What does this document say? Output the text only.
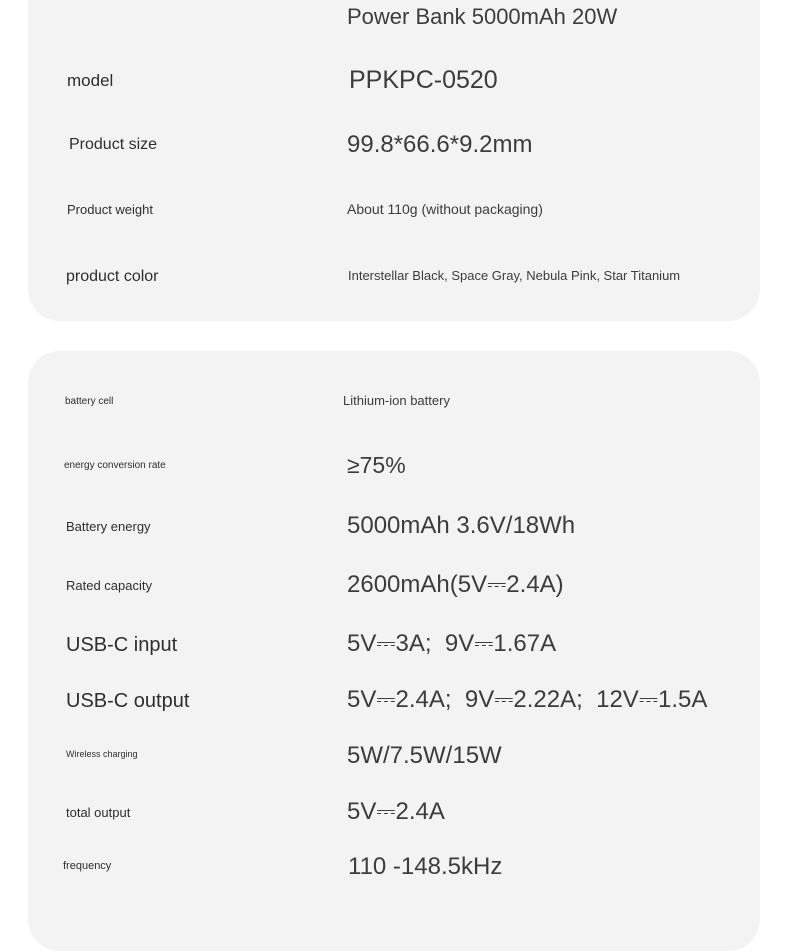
Power Bank 5000mAh 20W
model	PPKPC-0520
Product size	99.8*66.6*9.2mm
Product weight	About 110g (without packaging)
product color	Interstellar Black, Space Gray, Nebula Pink, Star Titanium
battery cell	Lithium-ion battery
energy conversion rate	≥75%
Battery energy	5000mAh 3.6V/18Wh
Rated capacity	2600mAh(5V⎓2.4A)
USB-C input	5V⎓3A;  9V⎓1.67A
USB-C output	5V⎓2.4A;  9V⎓2.22A;  12V⎓1.5A
Wireless charging	5W/7.5W/15W
total output	5V⎓2.4A
frequency	110 -148.5kHz
